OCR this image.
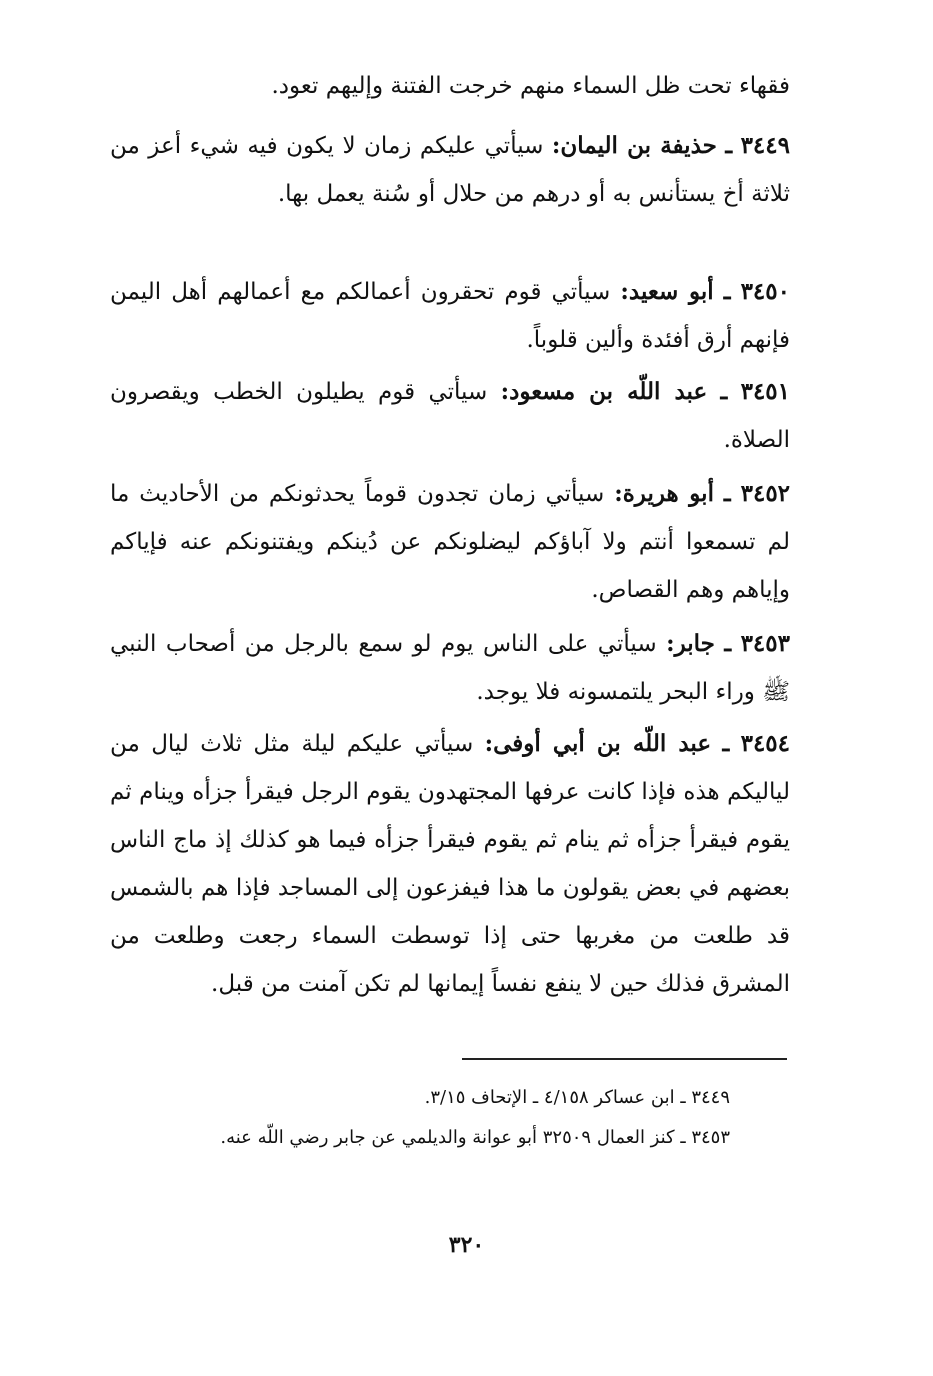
فقهاء تحت ظل السماء منهم خرجت الفتنة وإليهم تعود.

٣٤٤٩ ـ حذيفة بن اليمان: سيأتي عليكم زمان لا يكون فيه شيء أعز من ثلاثة أخ يستأنس به أو درهم من حلال أو سُنة يعمل بها.

٣٤٥٠ ـ أبو سعيد: سيأتي قوم تحقرون أعمالكم مع أعمالهم أهل اليمن فإنهم أرق أفئدة وألين قلوباً.

٣٤٥١ ـ عبد اللّه بن مسعود: سيأتي قوم يطيلون الخطب ويقصرون الصلاة.

٣٤٥٢ ـ أبو هريرة: سيأتي زمان تجدون قوماً يحدثونكم من الأحاديث ما لم تسمعوا أنتم ولا آباؤكم ليضلونكم عن دُينكم ويفتنونكم عنه فإياكم وإياهم وهم القصاص.

٣٤٥٣ ـ جابر: سيأتي على الناس يوم لو سمع بالرجل من أصحاب النبي ﷺ وراء البحر يلتمسونه فلا يوجد.

٣٤٥٤ ـ عبد اللّه بن أبي أوفى: سيأتي عليكم ليلة مثل ثلاث ليال من لياليكم هذه فإذا كانت عرفها المجتهدون يقوم الرجل فيقرأ جزأه وينام ثم يقوم فيقرأ جزأه ثم ينام ثم يقوم فيقرأ جزأه فيما هو كذلك إذ ماج الناس بعضهم في بعض يقولون ما هذا فيفزعون إلى المساجد فإذا هم بالشمس قد طلعت من مغربها حتى إذا توسطت السماء رجعت وطلعت من المشرق فذلك حين لا ينفع نفساً إيمانها لم تكن آمنت من قبل.

٣٤٤٩ ـ ابن عساكر ٤/١٥٨ ـ الإتحاف ٣/١٥.

٣٤٥٣ ـ كنز العمال ٣٢٥٠٩ أبو عوانة والديلمي عن جابر رضي اللّه عنه.

٣٢٠
